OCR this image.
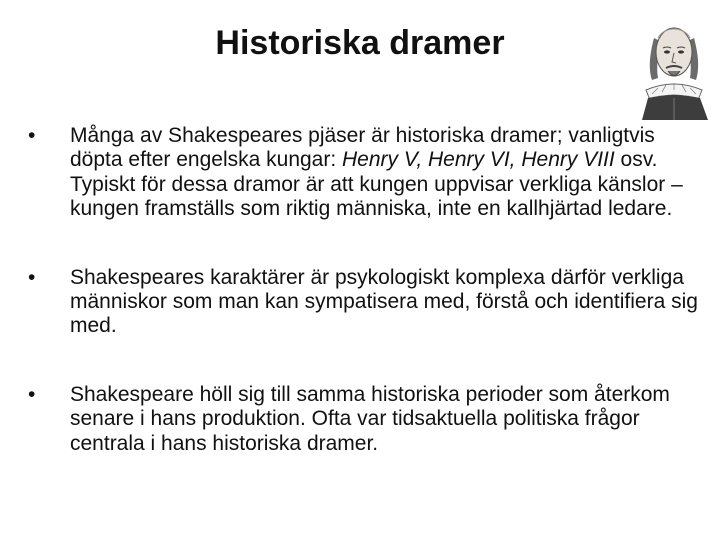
Historiska dramer
•	Många av Shakespeares pjäser är historiska dramer; vanligtvis döpta efter engelska kungar: Henry V, Henry VI, Henry VIII osv. Typiskt för dessa dramor är att kungen uppvisar verkliga känslor – kungen framställs som riktig människa, inte en kallhjärtad ledare.
•	Shakespeares karaktärer är psykologiskt komplexa därför verkliga människor som man kan sympatisera med, förstå och identifiera sig med.
•	Shakespeare höll sig till samma historiska perioder som återkom senare i hans produktion. Ofta var tidsaktuella politiska frågor centrala i hans historiska dramer.
